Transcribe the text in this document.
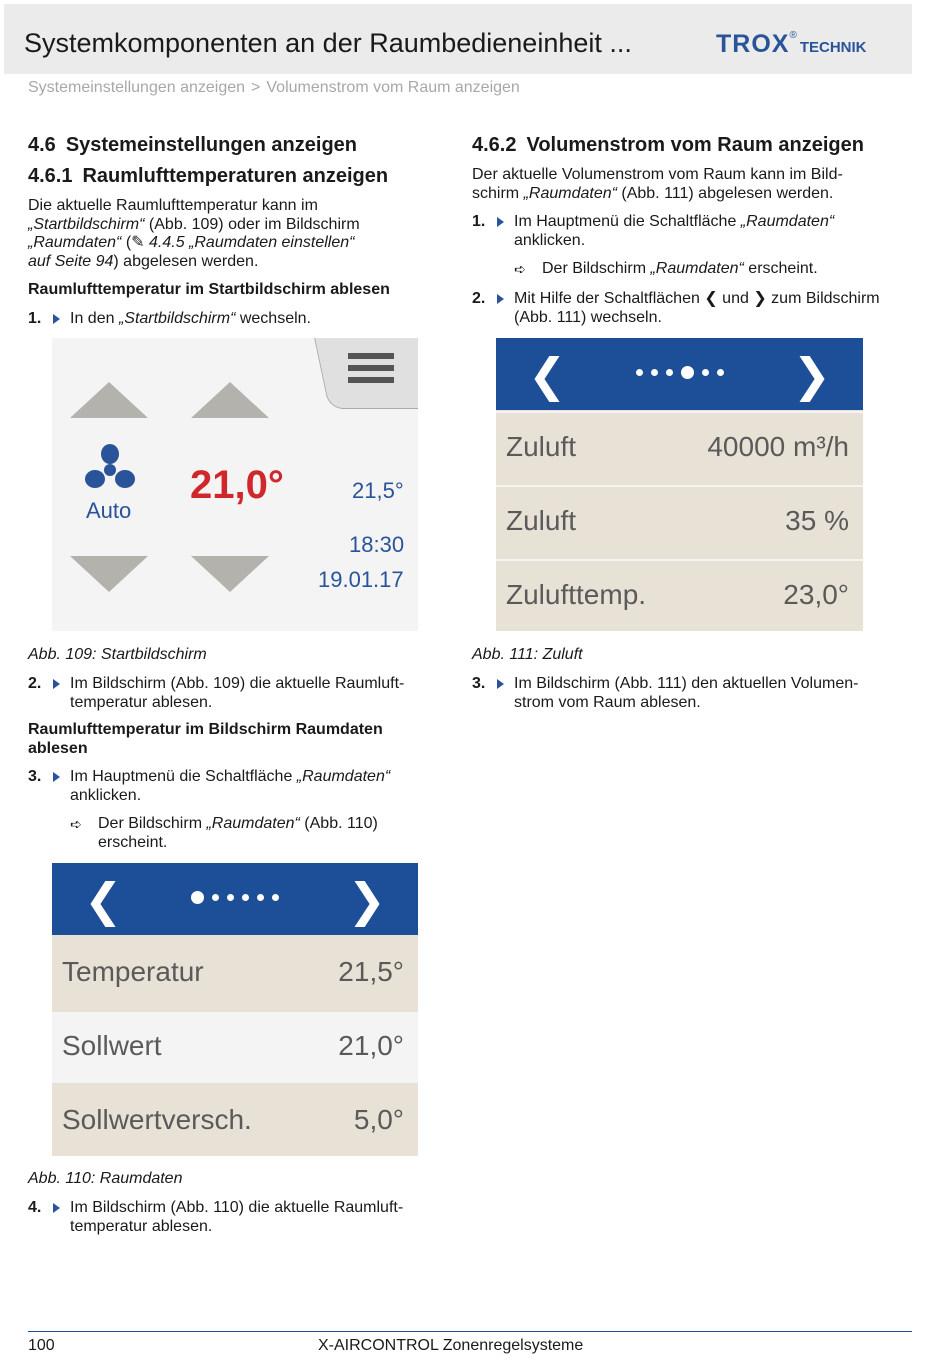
Systemkomponenten an der Raumbedieneinheit ...	TROX®TECHNIK
Systemeinstellungen anzeigen > Volumenstrom vom Raum anzeigen
4.6 Systemeinstellungen anzeigen
4.6.1 Raumlufttemperaturen anzeigen
Die aktuelle Raumlufttemperatur kann im
„Startbildschirm“ (Abb. 109) oder im Bildschirm
„Raumdaten“ (✎ 4.4.5 „Raumdaten einstellen“
auf Seite 94) abgelesen werden.
Raumlufttemperatur im Startbildschirm ablesen
1. In den „Startbildschirm“ wechseln.
Auto
21,0°	21,5°
18:30
19.01.17
Abb. 109: Startbildschirm
2. Im Bildschirm (Abb. 109) die aktuelle Raumluft-
temperatur ablesen.
Raumlufttemperatur im Bildschirm Raumdaten
ablesen
3. Im Hauptmenü die Schaltfläche „Raumdaten“
anklicken.
➪ Der Bildschirm „Raumdaten“ (Abb. 110)
erscheint.
❮	❯
Temperatur	21,5°
Sollwert	21,0°
Sollwertversch.	5,0°
Abb. 110: Raumdaten
4. Im Bildschirm (Abb. 110) die aktuelle Raumluft-
temperatur ablesen.
4.6.2 Volumenstrom vom Raum anzeigen
Der aktuelle Volumenstrom vom Raum kann im Bild-
schirm „Raumdaten“ (Abb. 111) abgelesen werden.
1. Im Hauptmenü die Schaltfläche „Raumdaten“
anklicken.
➪ Der Bildschirm „Raumdaten“ erscheint.
2. Mit Hilfe der Schaltflächen ❮ und ❯ zum Bildschirm
(Abb. 111) wechseln.
❮	❯
Zuluft	40000 m³/h
Zuluft	35 %
Zulufttemp.	23,0°
Abb. 111: Zuluft
3. Im Bildschirm (Abb. 111) den aktuellen Volumen-
strom vom Raum ablesen.
100	X-AIRCONTROL Zonenregelsysteme
